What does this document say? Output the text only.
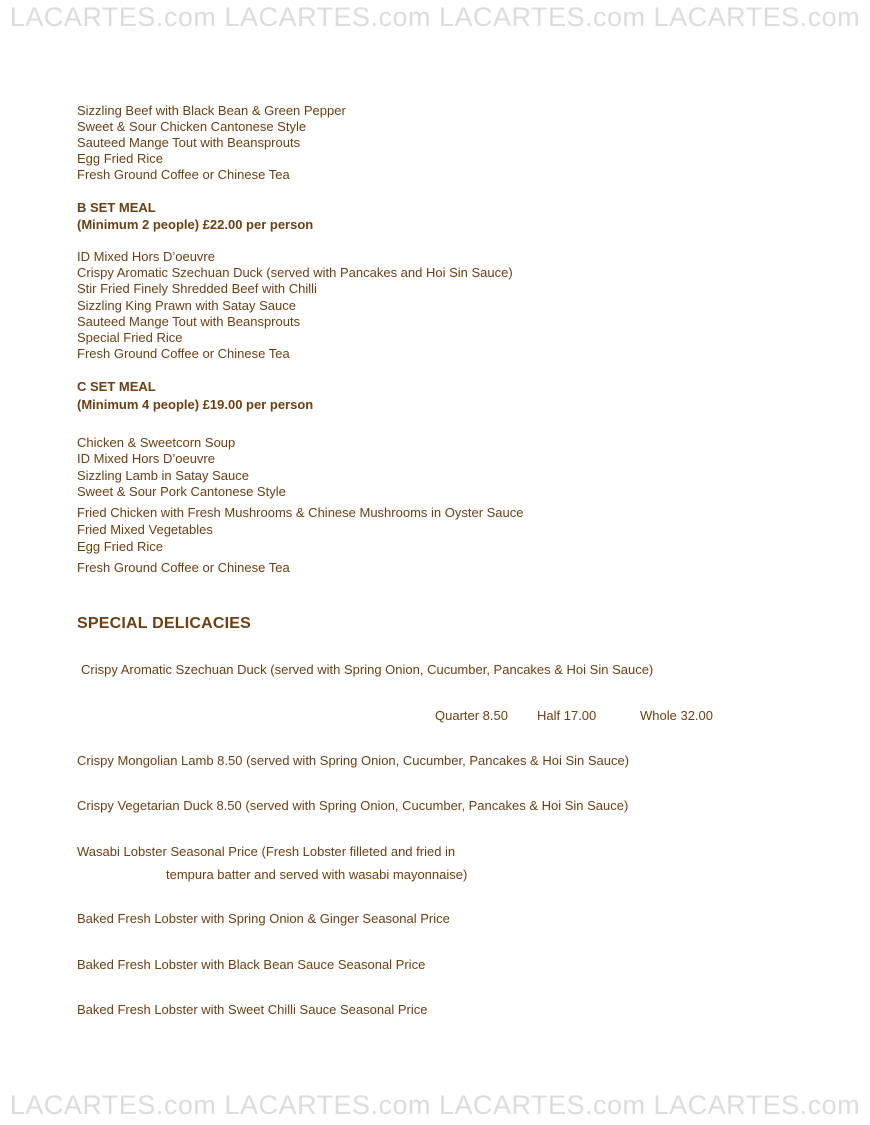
LACARTES.com LACARTES.com LACARTES.com LACARTES.com
Sizzling Beef with Black Bean & Green Pepper
Sweet & Sour Chicken Cantonese Style
Sauteed Mange Tout with Beansprouts
Egg Fried Rice
Fresh Ground Coffee or Chinese Tea
B SET MEAL
(Minimum 2 people) £22.00 per person
ID Mixed Hors D’oeuvre
Crispy Aromatic Szechuan Duck (served with Pancakes and Hoi Sin Sauce)
Stir Fried Finely Shredded Beef with Chilli
Sizzling King Prawn with Satay Sauce
Sauteed Mange Tout with Beansprouts
Special Fried Rice
Fresh Ground Coffee or Chinese Tea
C SET MEAL
(Minimum 4 people) £19.00 per person
Chicken & Sweetcorn Soup
ID Mixed Hors D’oeuvre
Sizzling Lamb in Satay Sauce
Sweet & Sour Pork Cantonese Style
Fried Chicken with Fresh Mushrooms & Chinese Mushrooms in Oyster Sauce
Fried Mixed Vegetables
Egg Fried Rice
Fresh Ground Coffee or Chinese Tea
SPECIAL DELICACIES
Crispy Aromatic Szechuan Duck (served with Spring Onion, Cucumber, Pancakes & Hoi Sin Sauce)
Quarter 8.50 Half 17.00	Whole 32.00
Crispy Mongolian Lamb 8.50 (served with Spring Onion, Cucumber, Pancakes & Hoi Sin Sauce)
Crispy Vegetarian Duck 8.50 (served with Spring Onion, Cucumber, Pancakes & Hoi Sin Sauce)
Wasabi Lobster Seasonal Price (Fresh Lobster filleted and fried in
tempura batter and served with wasabi mayonnaise)
Baked Fresh Lobster with Spring Onion & Ginger Seasonal Price
Baked Fresh Lobster with Black Bean Sauce Seasonal Price
Baked Fresh Lobster with Sweet Chilli Sauce Seasonal Price
LACARTES.com LACARTES.com LACARTES.com LACARTES.com
